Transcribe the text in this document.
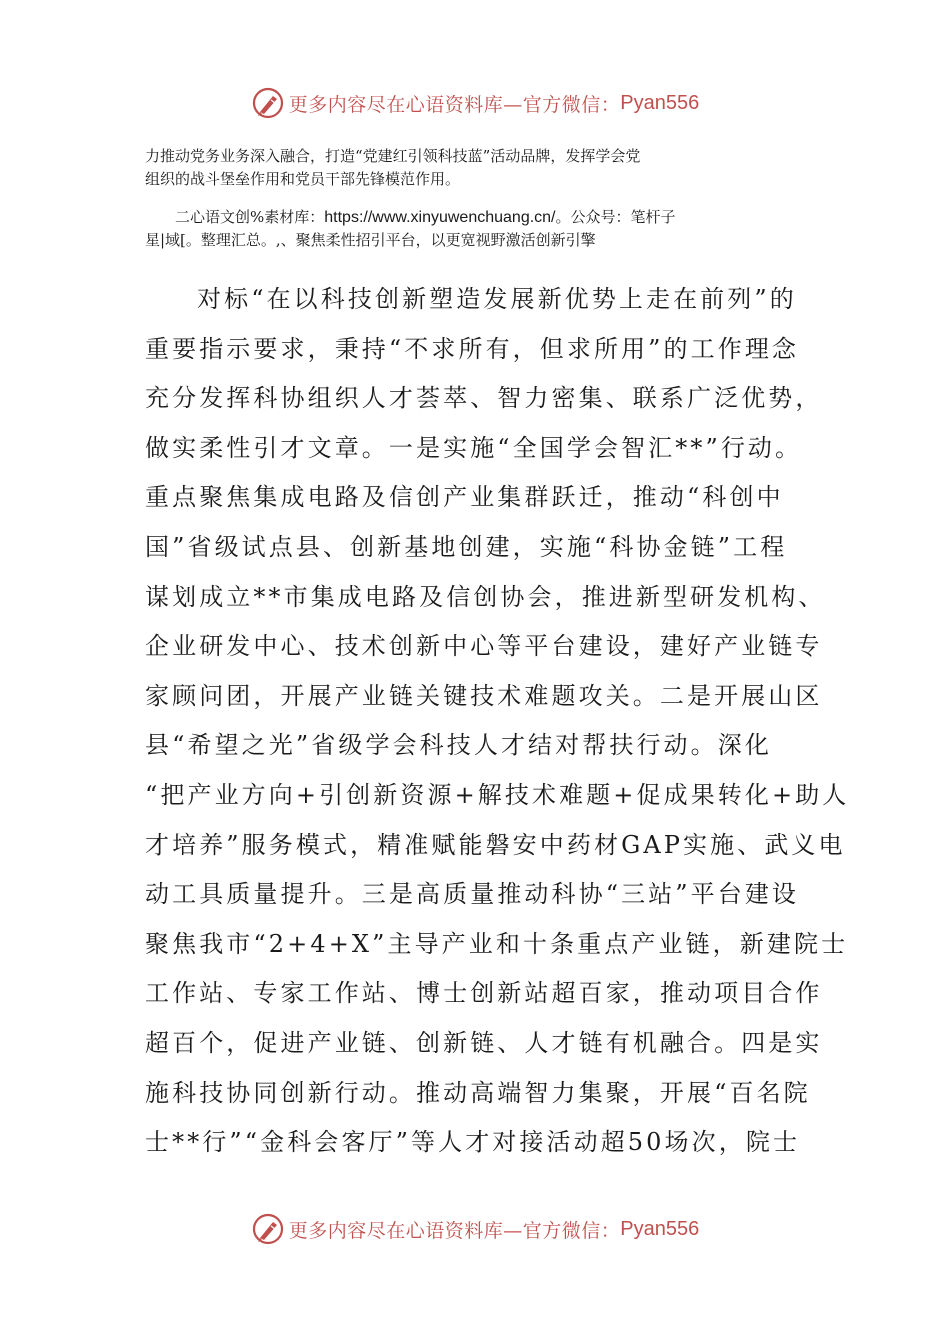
更多内容尽在心语资料库—官方微信： Pyan556

力推动党务业务深入融合，打造“党建红引领科技蓝”活动品牌，发挥学会党

组织的战斗堡垒作用和党员干部先锋模范作用。

二心语文创%素材库：https://www.xinyuwenchuang.cn/。公众号：笔杆子

星|域[。整理汇总。,、聚焦柔性招引平台，以更宽视野激活创新引擎

对标“在以科技创新塑造发展新优势上走在前列”的
重要指示要求，秉持“不求所有，但求所用”的工作理念
充分发挥科协组织人才荟萃、智力密集、联系广泛优势，
做实柔性引才文章。一是实施“全国学会智汇**”行动。
重点聚焦集成电路及信创产业集群跃迁，推动“科创中
国”省级试点县、创新基地创建，实施“科协金链”工程
谋划成立**市集成电路及信创协会，推进新型研发机构、
企业研发中心、技术创新中心等平台建设，建好产业链专
家顾问团，开展产业链关键技术难题攻关。二是开展山区
县“希望之光”省级学会科技人才结对帮扶行动。深化
“把产业方向+引创新资源+解技术难题+促成果转化+助人
才培养”服务模式，精准赋能磐安中药材GAP实施、武义电
动工具质量提升。三是高质量推动科协“三站”平台建设
聚焦我市“2+4+X”主导产业和十条重点产业链，新建院士
工作站、专家工作站、博士创新站超百家，推动项目合作
超百个，促进产业链、创新链、人才链有机融合。四是实
施科技协同创新行动。推动高端智力集聚，开展“百名院
士**行”“金科会客厅”等人才对接活动超50场次，院士
更多内容尽在心语资料库—官方微信： Pyan556
